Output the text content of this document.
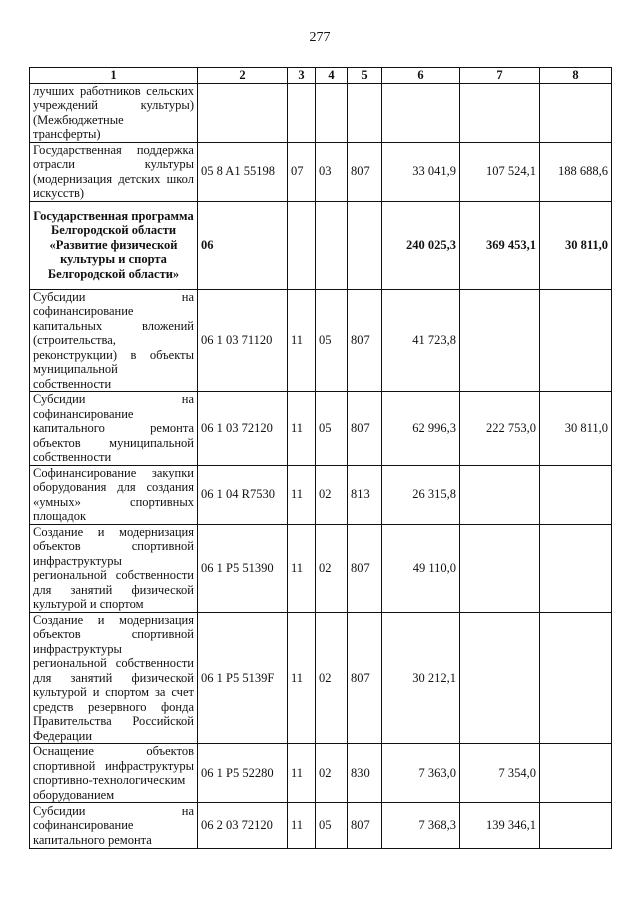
277
1	2	3	4	5	6	7	8
лучших работников сельских учреждений культуры) (Межбюджетные трансферты)							
Государственная поддержка отрасли культуры (модернизация детских школ искусств)	05 8 A1 55198	07	03	807	33 041,9	107 524,1	188 688,6
Государственная программа Белгородской области «Развитие физической культуры и спорта Белгородской области»	06				240 025,3	369 453,1	30 811,0
Субсидии на софинансирование капитальных вложений (строительства, реконструкции) в объекты муниципальной собственности	06 1 03 71120	11	05	807	41 723,8		
Субсидии на софинансирование капитального ремонта объектов муниципальной собственности	06 1 03 72120	11	05	807	62 996,3	222 753,0	30 811,0
Софинансирование закупки оборудования для создания «умных» спортивных площадок	06 1 04 R7530	11	02	813	26 315,8		
Создание и модернизация объектов спортивной инфраструктуры региональной собственности для занятий физической культурой и спортом	06 1 P5 51390	11	02	807	49 110,0		
Создание и модернизация объектов спортивной инфраструктуры региональной собственности для занятий физической культурой и спортом за счет средств резервного фонда Правительства Российской Федерации	06 1 P5 5139F	11	02	807	30 212,1		
Оснащение объектов спортивной инфраструктуры спортивно-технологическим оборудованием	06 1 P5 52280	11	02	830	7 363,0	7 354,0	
Субсидии на софинансирование капитального ремонта	06 2 03 72120	11	05	807	7 368,3	139 346,1	
